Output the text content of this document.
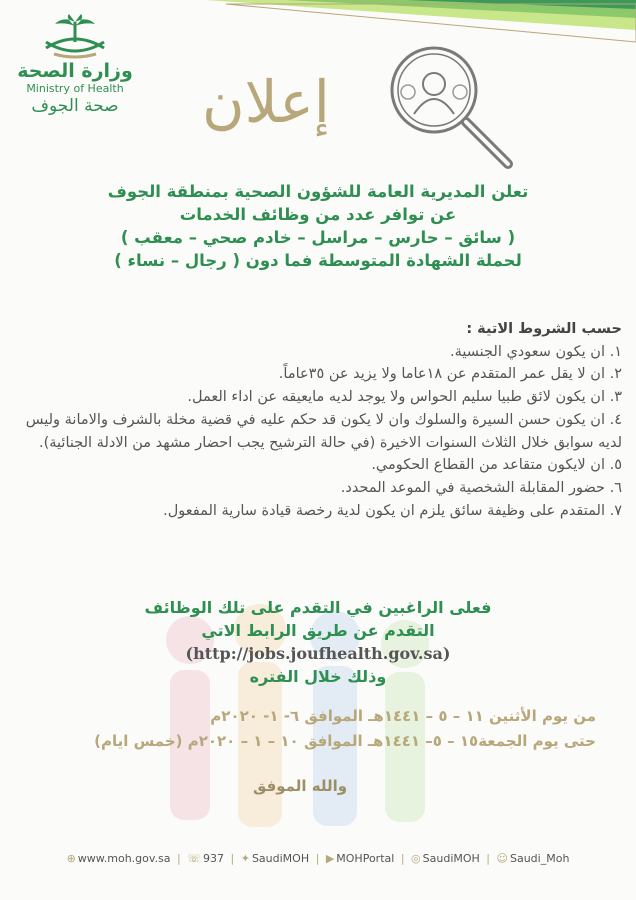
وزارة الصحة
Ministry of Health
صحة الجوف	إعلان

تعلن المديرية العامة للشؤون الصحية بمنطقة الجوف

عن توافر عدد من وظائف الخدمات

( سائق – حارس – مراسل – خادم صحي – معقب )

لحملة الشهادة المتوسطة فما دون ( رجال – نساء )

حسب الشروط الاتية :

١. ان يكون سعودي الجنسية.

٢. ان لا يقل عمر المتقدم عن ١٨عاما ولا يزيد عن ٣٥عاماً.

٣. ان يكون لائق طبيا سليم الحواس ولا يوجد لديه مايعيقه عن اداء العمل.

٤. ان يكون حسن السيرة والسلوك وان لا يكون قد حكم عليه في قضية مخلة بالشرف والامانة وليس لديه سوابق خلال الثلاث السنوات الاخيرة (في حالة الترشيح يجب احضار مشهد من الادلة الجنائية).

٥. ان لايكون متقاعد من القطاع الحكومي.

٦. حضور المقابلة الشخصية في الموعد المحدد.

٧. المتقدم على وظيفة سائق يلزم ان يكون لدية رخصة قيادة سارية المفعول.

فعلى الراغبين في التقدم على تلك الوظائف

التقدم عن طريق الرابط الاتي

(http://jobs.joufhealth.gov.sa)

وذلك خلال الفتره

من يوم الأثنين ١١ – ٥ – ١٤٤١هـ الموافق ٦- ١- ٢٠٢٠م

حتى يوم الجمعة١٥ – ٥– ١٤٤١هـ الموافق ١٠ – ١ – ٢٠٢٠م (خمس ايام)

والله الموفق
⊕ www.moh.gov.sa | ☏ 937 | ✦ SaudiMOH | ▶ MOHPortal | ◎ SaudiMOH | ☺ Saudi_Moh
